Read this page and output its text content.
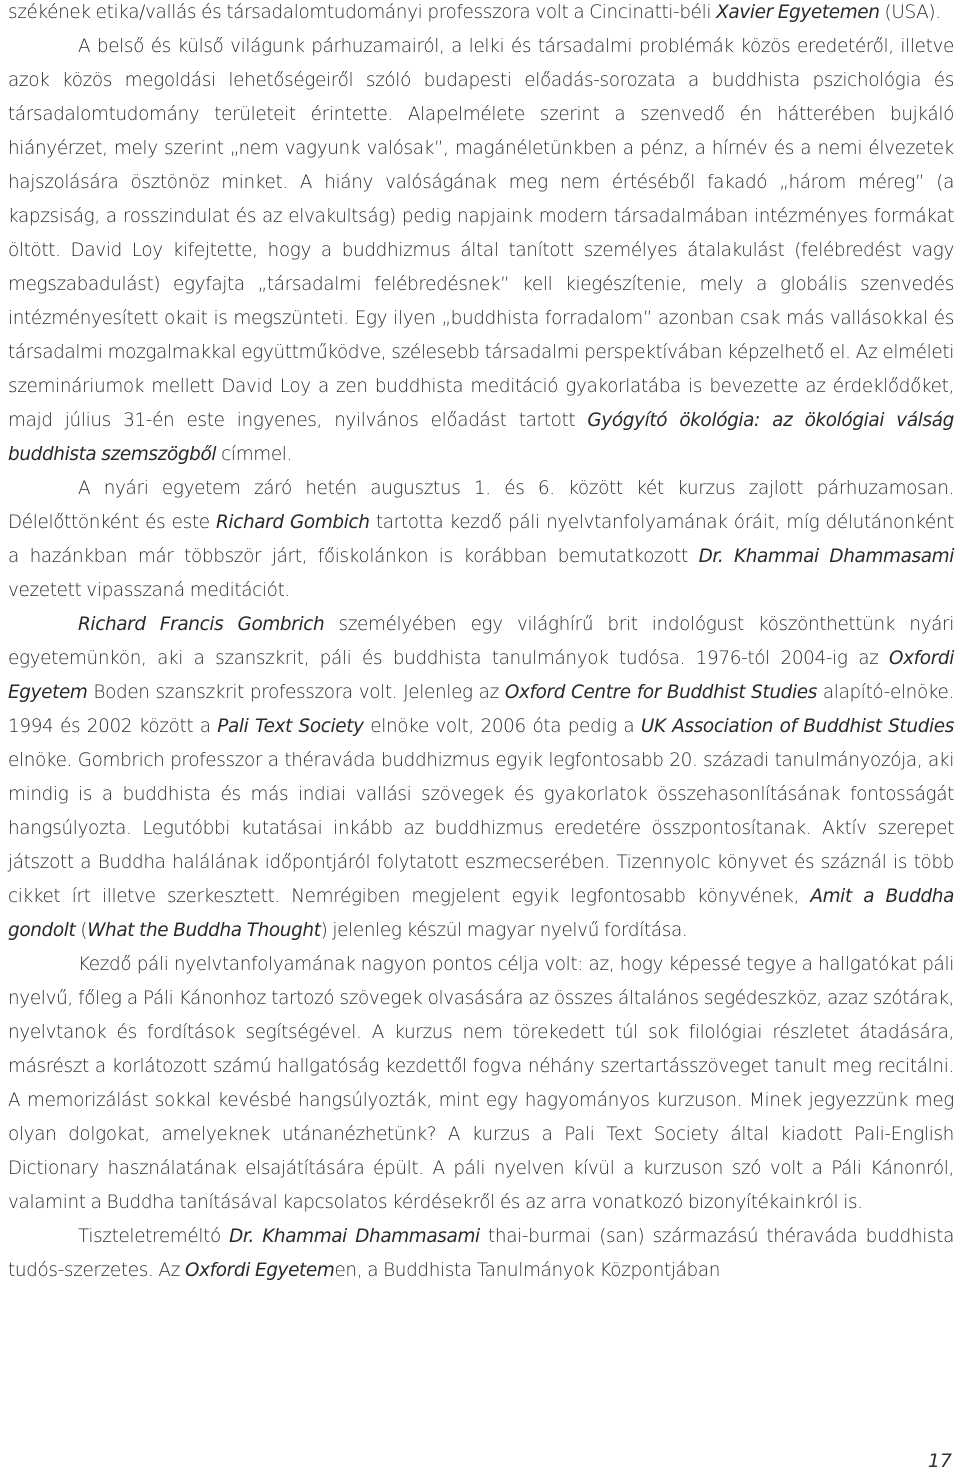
székének etika/vallás és társadalomtudományi professzora volt a Cincinatti-béli Xavier Egyetemen (USA).

A belső és külső világunk párhuzamairól, a lelki és társadalmi problémák közös eredetéről, illetve azok közös megoldási lehetőségeiről szóló budapesti előadás-sorozata a buddhista pszichológia és társadalomtudomány területeit érintette. Alapelmélete szerint a szenvedő én hátterében bujkáló hiányérzet, mely szerint „nem vagyunk valósak”, magánéletünkben a pénz, a hírnév és a nemi élvezetek hajszolására ösztönöz minket. A hiány valóságának meg nem értéséből fakadó „három méreg” (a kapzsiság, a rosszindulat és az elvakultság) pedig napjaink modern társadalmában intézményes formákat öltött. David Loy kifejtette, hogy a buddhizmus által tanított személyes átalakulást (felébredést vagy megszabadulást) egyfajta „társadalmi felébredésnek” kell kiegészítenie, mely a globális szenvedés intézményesített okait is megszünteti. Egy ilyen „buddhista forradalom” azonban csak más vallásokkal és társadalmi mozgalmakkal együttműködve, szélesebb társadalmi perspektívában képzelhető el. Az elméleti szemináriumok mellett David Loy a zen buddhista meditáció gyakorlatába is bevezette az érdeklődőket, majd július 31-én este ingyenes, nyilvános előadást tartott Gyógyító ökológia: az ökológiai válság buddhista szemszögből címmel.

A nyári egyetem záró hetén augusztus 1. és 6. között két kurzus zajlott párhuzamosan. Délelőttönként és este Richard Gombich tartotta kezdő páli nyelvtanfolyamának óráit, míg délutánonként a hazánkban már többször járt, főiskolánkon is korábban bemutatkozott Dr. Khammai Dhammasami vezetett vipasszaná meditációt.

Richard Francis Gombrich személyében egy világhírű brit indológust köszönthettünk nyári egyetemünkön, aki a szanszkrit, páli és buddhista tanulmányok tudósa. 1976-tól 2004-ig az Oxfordi Egyetem Boden szanszkrit professzora volt. Jelenleg az Oxford Centre for Buddhist Studies alapító-elnöke. 1994 és 2002 között a Pali Text Society elnöke volt, 2006 óta pedig a UK Association of Buddhist Studies elnöke. Gombrich professzor a théraváda buddhizmus egyik legfontosabb 20. századi tanulmányozója, aki mindig is a buddhista és más indiai vallási szövegek és gyakorlatok összehasonlításának fontosságát hangsúlyozta. Legutóbbi kutatásai inkább az buddhizmus eredetére összpontosítanak. Aktív szerepet játszott a Buddha halálának időpontjáról folytatott eszmecserében. Tizennyolc könyvet és száznál is több cikket írt illetve szerkesztett. Nemrégiben megjelent egyik legfontosabb könyvének, Amit a Buddha gondolt (What the Buddha Thought) jelenleg készül magyar nyelvű fordítása.

Kezdő páli nyelvtanfolyamának nagyon pontos célja volt: az, hogy képessé tegye a hallgatókat páli nyelvű, főleg a Páli Kánonhoz tartozó szövegek olvasására az összes általános segédeszköz, azaz szótárak, nyelvtanok és fordítások segítségével. A kurzus nem törekedett túl sok filológiai részletet átadására, másrészt a korlátozott számú hallgatóság kezdettől fogva néhány szertartásszöveget tanult meg recitálni. A memorizálást sokkal kevésbé hangsúlyozták, mint egy hagyományos kurzuson. Minek jegyezzünk meg olyan dolgokat, amelyeknek utánanézhetünk? A kurzus a Pali Text Society által kiadott Pali-English Dictionary használatának elsajátítására épült. A páli nyelven kívül a kurzuson szó volt a Páli Kánonról, valamint a Buddha tanításával kapcsolatos kérdésekről és az arra vonatkozó bizonyítékainkról is.

Tiszteletreméltó Dr. Khammai Dhammasami thai-burmai (san) származású théraváda buddhista tudós-szerzetes. Az Oxfordi Egyetemen, a Buddhista Tanulmányok Központjában

17
